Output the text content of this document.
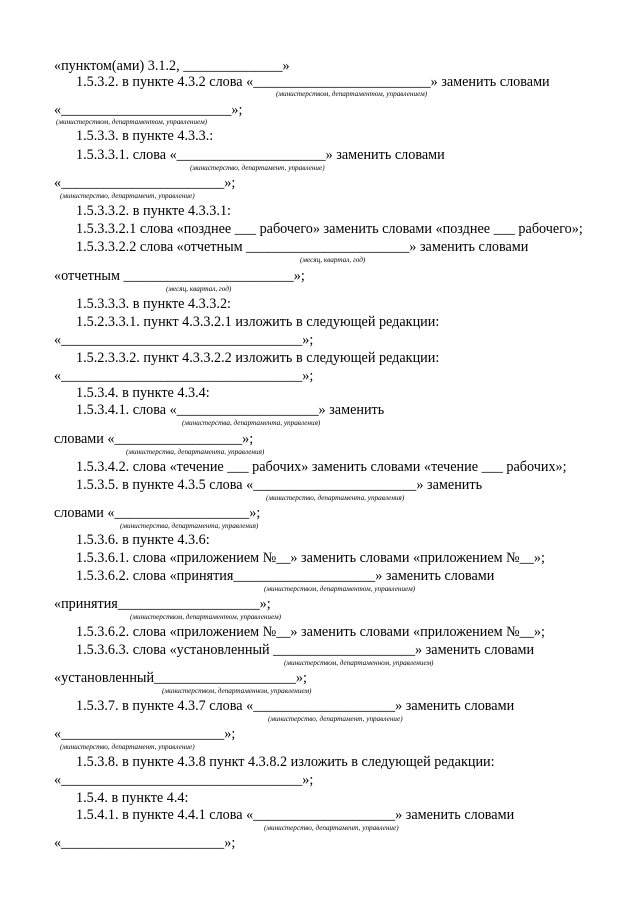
«пунктом(ами) 3.1.2, ______________»
1.5.3.2. в пункте 4.3.2 слова «_________________________» заменить словами
(министерством, департаментом, управлением)
«________________________»;
(министерством, департаментом, управлением)
1.5.3.3. в пункте 4.3.3.:
1.5.3.3.1. слова «_____________________» заменить словами
(министерство, департамент, управление)
«_______________________»;
(министерство, департамент, управление)
1.5.3.3.2. в пункте 4.3.3.1:
1.5.3.3.2.1 слова «позднее ___ рабочего» заменить словами «позднее ___ рабочего»;
1.5.3.3.2.2 слова «отчетным _______________________» заменить словами
(месяц, квартал, год)
«отчетным ________________________»;
(месяц, квартал, год)
1.5.3.3.3. в пункте 4.3.3.2:
1.5.2.3.3.1. пункт 4.3.3.2.1 изложить в следующей редакции:
«__________________________________»;
1.5.2.3.3.2. пункт 4.3.3.2.2 изложить в следующей редакции:
«__________________________________»;
1.5.3.4. в пункте 4.3.4:
1.5.3.4.1. слова «____________________» заменить
(министерства, департамента, управления)
словами «__________________»;
(министерства, департамента, управления)
1.5.3.4.2. слова «течение ___ рабочих» заменить словами «течение ___ рабочих»;
1.5.3.5. в пункте 4.3.5 слова «_______________________» заменить
(министерство, департамента, управления)
словами «___________________»;
(министерства, департамента, управления)
1.5.3.6. в пункте 4.3.6:
1.5.3.6.1. слова «приложением №__» заменить словами «приложением №__»;
1.5.3.6.2. слова «принятия____________________» заменить словами
(министерством, департаментом, управлением)
«принятия____________________»;
(министерством, департаментом, управлением)
1.5.3.6.2. слова «приложением №__» заменить словами «приложением №__»;
1.5.3.6.3. слова «установленный ____________________» заменить словами
(министерством, департаменном, управлением)
«установленный____________________»;
(министерством, департаменном, управлением)
1.5.3.7. в пункте 4.3.7 слова «____________________» заменить словами
(министерство, департамент, управление)
«_______________________»;
(министерство, департамент, управление)
1.5.3.8. в пункте 4.3.8 пункт 4.3.8.2 изложить в следующей редакции:
«__________________________________»;
1.5.4. в пункте 4.4:
1.5.4.1. в пункте 4.4.1 слова «____________________» заменить словами
(министерство, департамент, управление)
«_______________________»;
